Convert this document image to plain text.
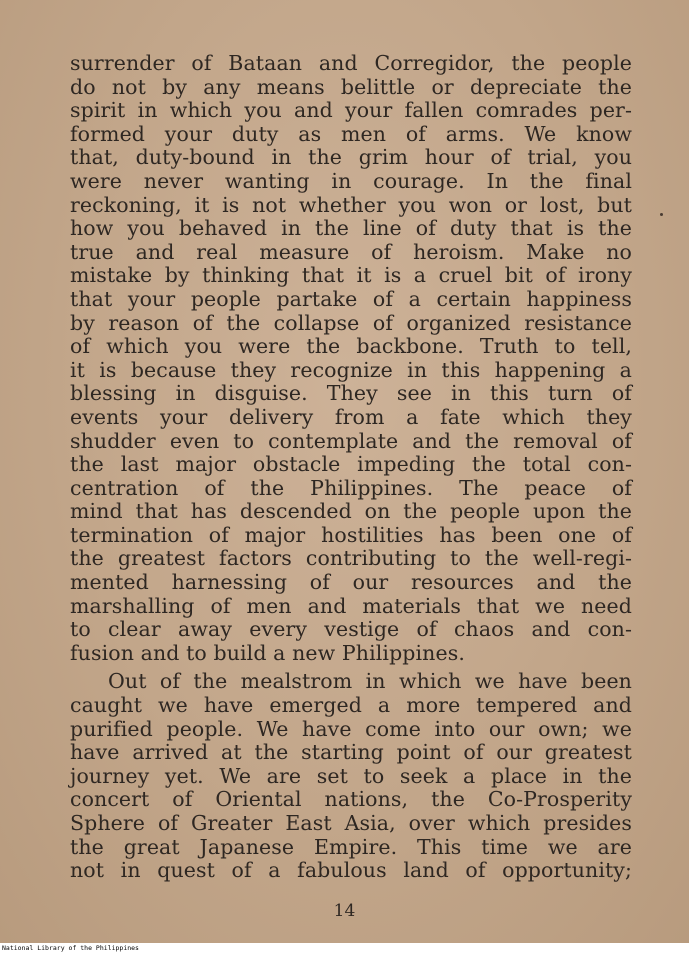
surrender of Bataan and Corregidor, the people
do not by any means belittle or depreciate the
spirit in which you and your fallen comrades per-
formed your duty as men of arms. We know
that, duty-bound in the grim hour of trial, you
were never wanting in courage. In the final
reckoning, it is not whether you won or lost, but
how you behaved in the line of duty that is the
true and real measure of heroism. Make no
mistake by thinking that it is a cruel bit of irony
that your people partake of a certain happiness
by reason of the collapse of organized resistance
of which you were the backbone. Truth to tell,
it is because they recognize in this happening a
blessing in disguise. They see in this turn of
events your delivery from a fate which they
shudder even to contemplate and the removal of
the last major obstacle impeding the total con-
centration of the Philippines. The peace of
mind that has descended on the people upon the
termination of major hostilities has been one of
the greatest factors contributing to the well-regi-
mented harnessing of our resources and the
marshalling of men and materials that we need
to clear away every vestige of chaos and con-
fusion and to build a new Philippines.
Out of the mealstrom in which we have been
caught we have emerged a more tempered and
purified people. We have come into our own; we
have arrived at the starting point of our greatest
journey yet. We are set to seek a place in the
concert of Oriental nations, the Co-Prosperity
Sphere of Greater East Asia, over which presides
the great Japanese Empire. This time we are
not in quest of a fabulous land of opportunity;
14
National Library of the Philippines
